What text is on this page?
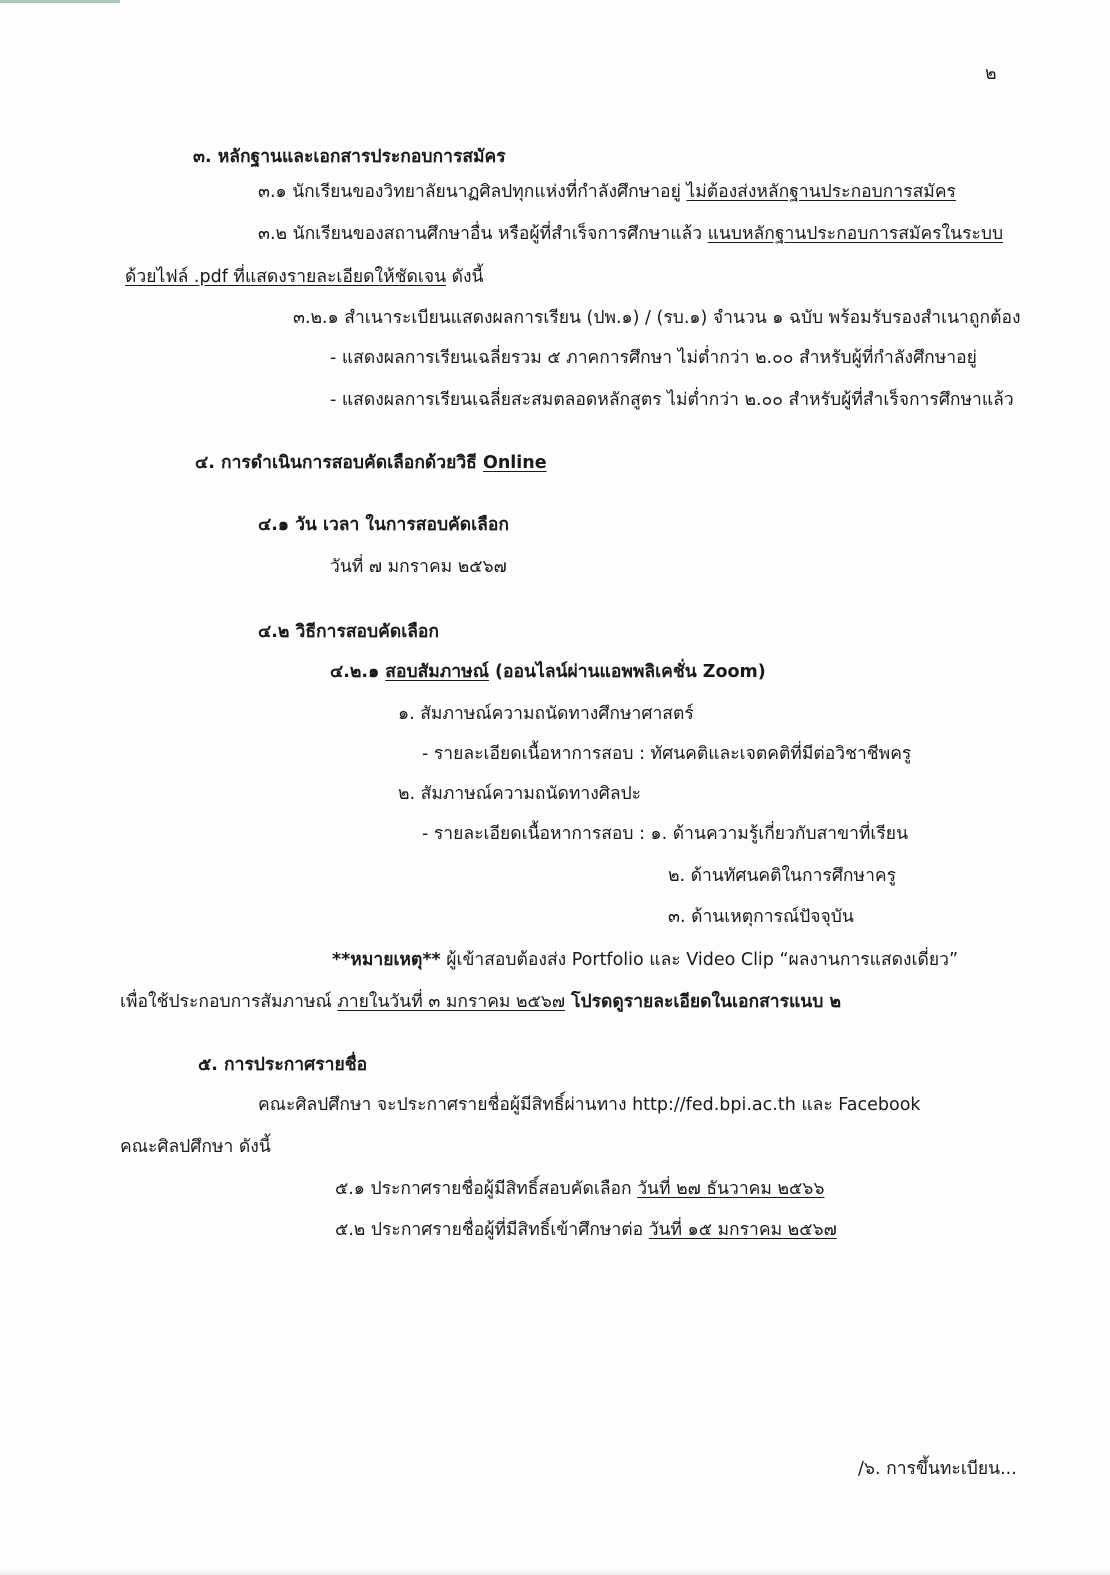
๒
๓. หลักฐานและเอกสารประกอบการสมัคร
๓.๑ นักเรียนของวิทยาลัยนาฏศิลปทุกแห่งที่กำลังศึกษาอยู่ ไม่ต้องส่งหลักฐานประกอบการสมัคร
๓.๒ นักเรียนของสถานศึกษาอื่น หรือผู้ที่สำเร็จการศึกษาแล้ว แนบหลักฐานประกอบการสมัครในระบบ
ด้วยไฟล์ .pdf ที่แสดงรายละเอียดให้ชัดเจน ดังนี้
๓.๒.๑ สำเนาระเบียนแสดงผลการเรียน (ปพ.๑) / (รบ.๑) จำนวน ๑ ฉบับ พร้อมรับรองสำเนาถูกต้อง
- แสดงผลการเรียนเฉลี่ยรวม ๕ ภาคการศึกษา ไม่ต่ำกว่า ๒.๐๐ สำหรับผู้ที่กำลังศึกษาอยู่
- แสดงผลการเรียนเฉลี่ยสะสมตลอดหลักสูตร ไม่ต่ำกว่า ๒.๐๐ สำหรับผู้ที่สำเร็จการศึกษาแล้ว
๔. การดำเนินการสอบคัดเลือกด้วยวิธี Online
๔.๑ วัน เวลา ในการสอบคัดเลือก
วันที่ ๗ มกราคม ๒๕๖๗
๔.๒ วิธีการสอบคัดเลือก
๔.๒.๑ สอบสัมภาษณ์ (ออนไลน์ผ่านแอพพลิเคชั่น Zoom)
๑. สัมภาษณ์ความถนัดทางศึกษาศาสตร์
- รายละเอียดเนื้อหาการสอบ : ทัศนคติและเจตคติที่มีต่อวิชาชีพครู
๒. สัมภาษณ์ความถนัดทางศิลปะ
- รายละเอียดเนื้อหาการสอบ : ๑. ด้านความรู้เกี่ยวกับสาขาที่เรียน
๒. ด้านทัศนคติในการศึกษาครู
๓. ด้านเหตุการณ์ปัจจุบัน
**หมายเหตุ** ผู้เข้าสอบต้องส่ง Portfolio และ Video Clip “ผลงานการแสดงเดี่ยว”
เพื่อใช้ประกอบการสัมภาษณ์ ภายในวันที่ ๓ มกราคม ๒๕๖๗ โปรดดูรายละเอียดในเอกสารแนบ ๒
๕. การประกาศรายชื่อ
คณะศิลปศึกษา จะประกาศรายชื่อผู้มีสิทธิ์ผ่านทาง http://fed.bpi.ac.th และ Facebook
คณะศิลปศึกษา ดังนี้
๕.๑ ประกาศรายชื่อผู้มีสิทธิ์สอบคัดเลือก วันที่ ๒๗ ธันวาคม ๒๕๖๖
๕.๒ ประกาศรายชื่อผู้ที่มีสิทธิ์เข้าศึกษาต่อ วันที่ ๑๕ มกราคม ๒๕๖๗
/๖. การขึ้นทะเบียน...
